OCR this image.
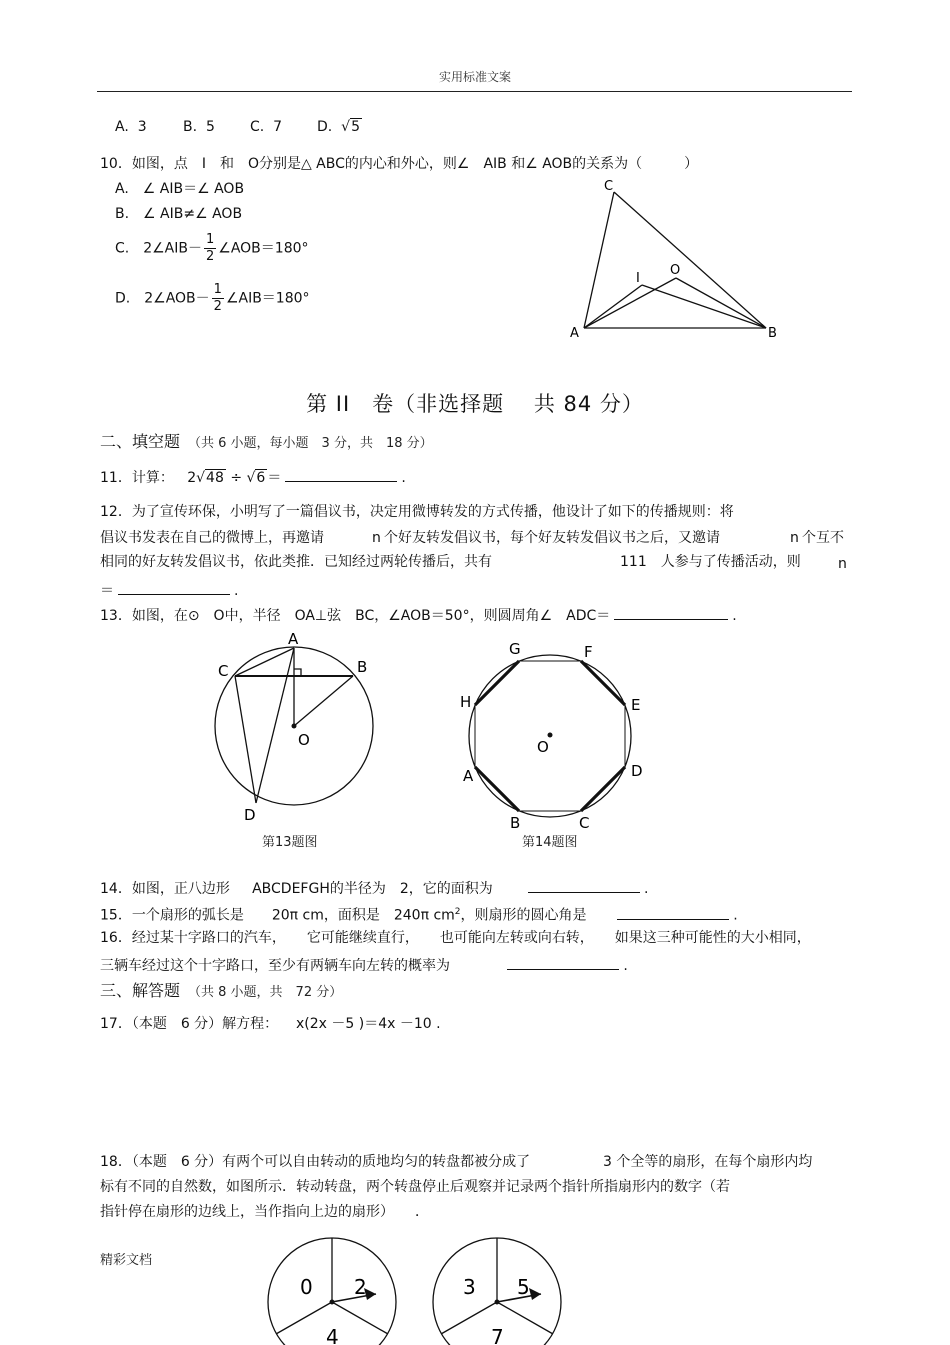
实用标准文案
A. 3	B. 5	C. 7 D. √5
10．如图，点　I　和　O分别是△ ABC的内心和外心，则∠　AIB 和∠ AOB的关系为（　　　）
A.　∠ AIB＝∠ AOB
B.　∠ AIB≠∠ AOB
C.　2∠AIB－ $\frac{1}{2}$ ∠AOB＝180°
D.　2∠AOB－ $\frac{1}{2}$ ∠AIB＝180°
C
I
O
A	B
第 II　卷（非选择题　 共 84 分）
二、填空题 （共 6 小题，每小题　3 分，共　18 分）
11．计算： 2√48 ÷ √6 ＝	.
12．为了宣传环保，小明写了一篇倡议书，决定用微博转发的方式传播，他设计了如下的传播规则：将
倡议书发表在自己的微博上，再邀请	n 个好友转发倡议书，每个好友转发倡议书之后，又邀请	n 个互不
相同的好友转发倡议书，依此类推．已知经过两轮传播后，共有	111　人参与了传播活动，则	n
＝	.
13．如图，在⊙　O中，半径　OA⊥弦　BC，∠AOB＝50°，则圆周角∠　ADC＝	.
A
B
C
D
O
第13题图
G	F
H	E
O
A	D
B	C
第14题图
14．如图，正八边形 ABCDEFGH的半径为　2，它的面积为	.
15．一个扇形的弧长是　　20π cm，面积是　240π $cm^2$，则扇形的圆心角是	.
16．经过某十字路口的汽车，　　它可能继续直行，　　也可能向左转或向右转，　　如果这三种可能性的大小相同，
三辆车经过这个十字路口，至少有两辆车向左转的概率为	.
三、解答题 （共 8 小题，共　72 分）
17．（本题　6 分）解方程： x(2x －5 )＝4x －10 .
18．（本题　6 分）有两个可以自由转动的质地均匀的转盘都被分成了	3 个全等的扇形，在每个扇形内均
标有不同的自然数，如图所示．转动转盘，两个转盘停止后观察并记录两个指针所指扇形内的数字（若
指针停在扇形的边线上，当作指向上边的扇形）　　．
精彩文档
0 2
4
3 5
7
